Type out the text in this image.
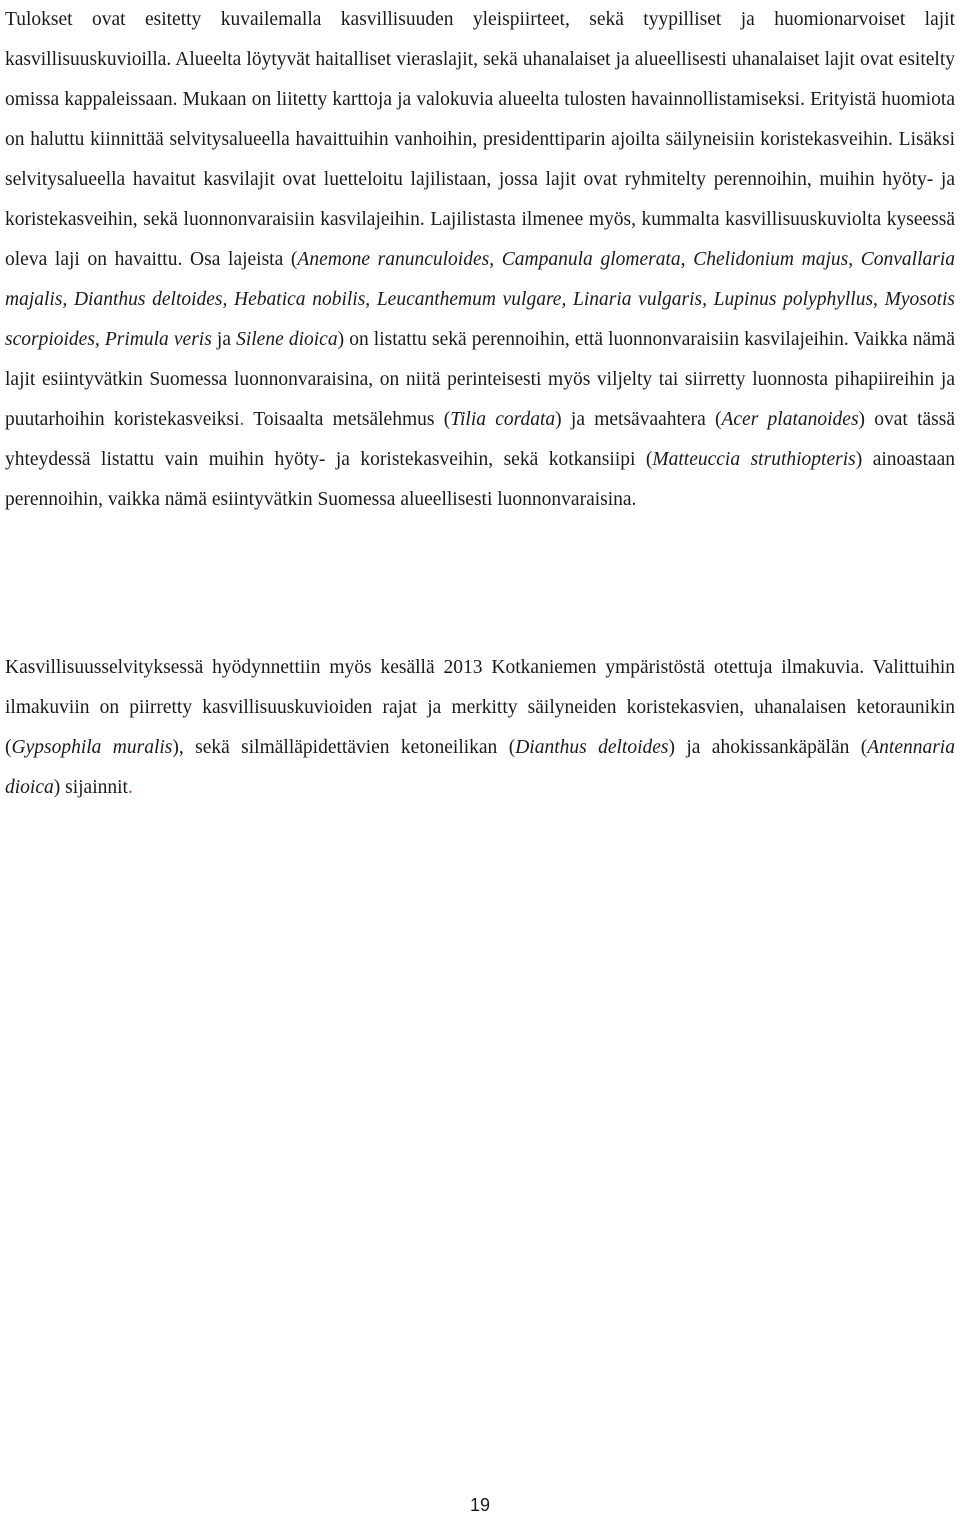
Tulokset ovat esitetty kuvailemalla kasvillisuuden yleispiirteet, sekä tyypilliset ja huomionarvoiset lajit kasvillisuuskuvioilla. Alueelta löytyvät haitalliset vieraslajit, sekä uhanalaiset ja alueellisesti uhanalaiset lajit ovat esitelty omissa kappaleissaan. Mukaan on liitetty karttoja ja valokuvia alueelta tulosten havainnollistamiseksi. Erityistä huomiota on haluttu kiinnittää selvitysalueella havaittuihin vanhoihin, presidenttiparin ajoilta säilyneisiin koristekasveihin. Lisäksi selvitysalueella havaitut kasvilajit ovat luetteloitu lajilistaan, jossa lajit ovat ryhmitelty perennoihin, muihin hyöty- ja koristekasveihin, sekä luonnonvaraisiin kasvilajeihin. Lajilistasta ilmenee myös, kummalta kasvillisuuskuviolta kyseessä oleva laji on havaittu. Osa lajeista (Anemone ranunculoides, Campanula glomerata, Chelidonium majus, Convallaria majalis, Dianthus deltoides, Hebatica nobilis, Leucanthemum vulgare, Linaria vulgaris, Lupinus polyphyllus, Myosotis scorpioides, Primula veris ja Silene dioica) on listattu sekä perennoihin, että luonnonvaraisiin kasvilajeihin. Vaikka nämä lajit esiintyvätkin Suomessa luonnonvaraisina, on niitä perinteisesti myös viljelty tai siirretty luonnosta pihapiireihin ja puutarhoihin koristekasveiksi. Toisaalta metsälehmus (Tilia cordata) ja metsävaahtera (Acer platanoides) ovat tässä yhteydessä listattu vain muihin hyöty- ja koristekasveihin, sekä kotkansiipi (Matteuccia struthiopteris) ainoastaan perennoihin, vaikka nämä esiintyvätkin Suomessa alueellisesti luonnonvaraisina.

Kasvillisuusselvityksessä hyödynnettiin myös kesällä 2013 Kotkaniemen ympäristöstä otettuja ilmakuvia. Valittuihin ilmakuviin on piirretty kasvillisuuskuvioiden rajat ja merkitty säilyneiden koristekasvien, uhanalaisen ketoraunikin (Gypsophila muralis), sekä silmälläpidettävien ketoneilikan (Dianthus deltoides) ja ahokissankäpälän (Antennaria dioica) sijainnit.

19
